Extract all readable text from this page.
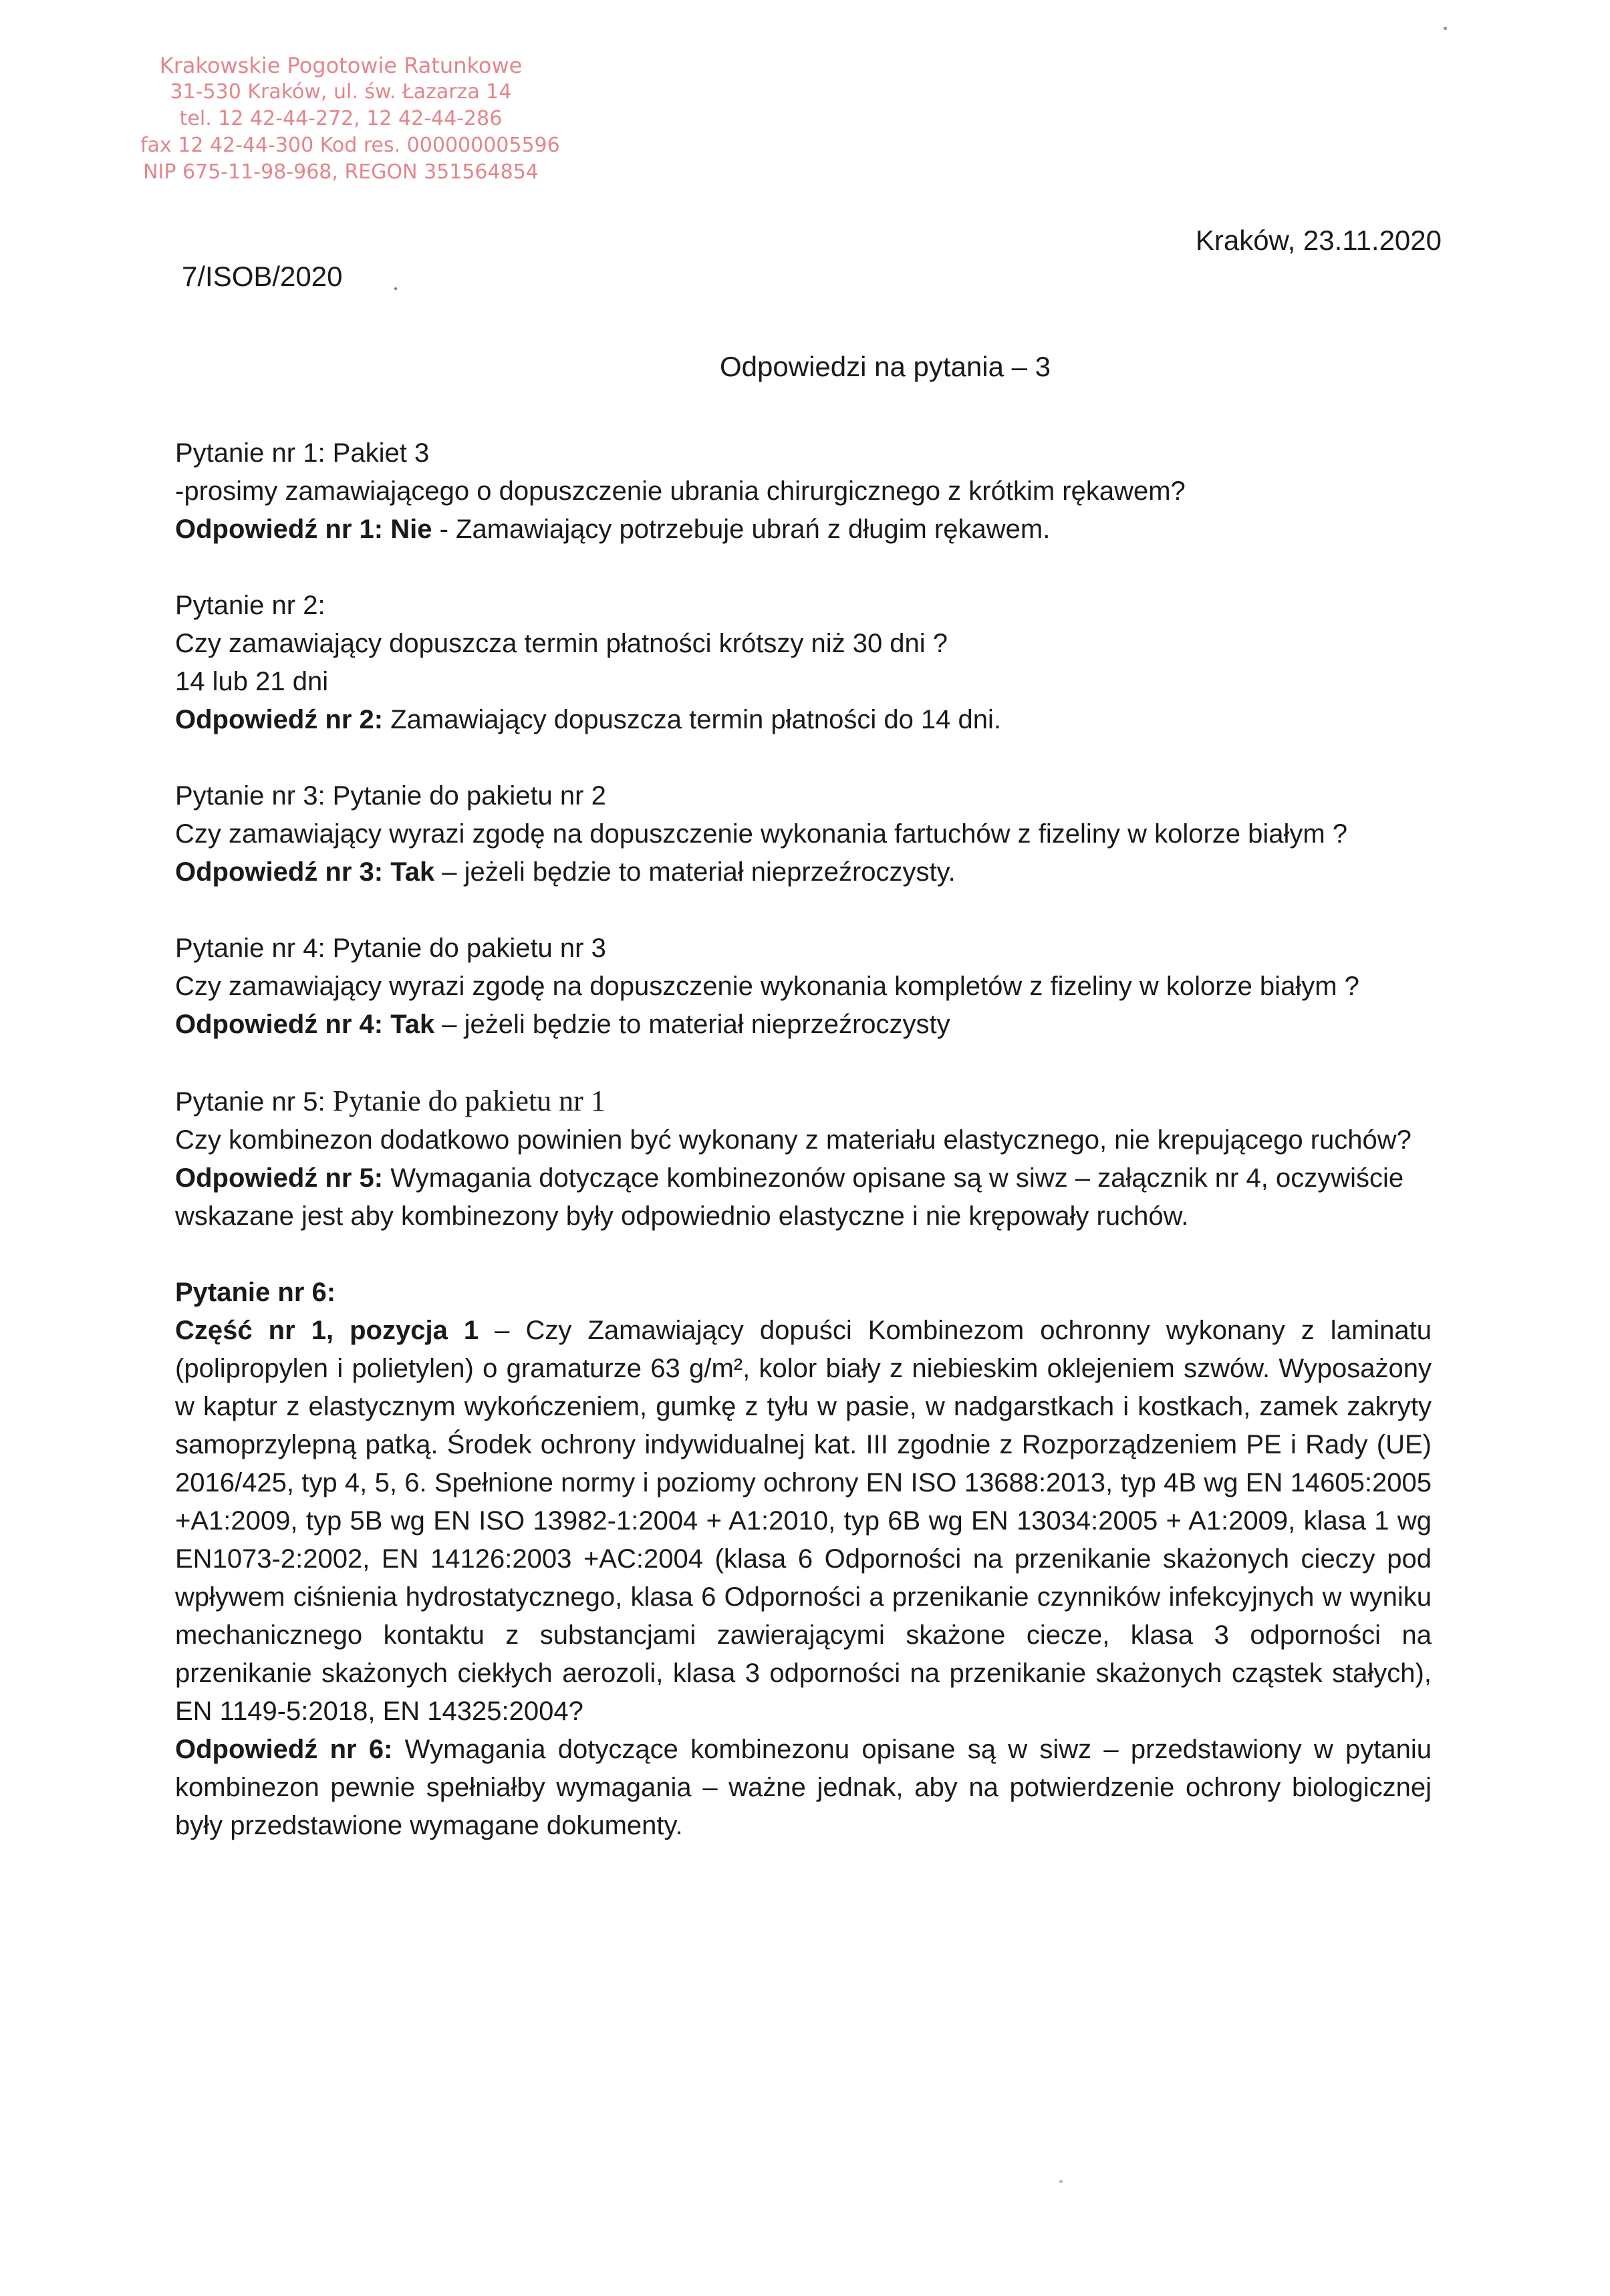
Krakowskie Pogotowie Ratunkowe
31-530 Kraków, ul. św. Łazarza 14
tel. 12 42-44-272, 12 42-44-286
fax 12 42-44-300 Kod res. 000000005596
NIP 675-11-98-968, REGON 351564854
Kraków, 23.11.2020
7/ISOB/2020
Odpowiedzi na pytania – 3

Pytanie nr 1: Pakiet 3

-prosimy zamawiającego o dopuszczenie ubrania chirurgicznego z krótkim rękawem?

Odpowiedź nr 1: Nie - Zamawiający potrzebuje ubrań z długim rękawem.

Pytanie nr 2:

Czy zamawiający dopuszcza termin płatności krótszy niż 30 dni ?

14 lub 21 dni

Odpowiedź nr 2: Zamawiający dopuszcza termin płatności do 14 dni.

Pytanie nr 3: Pytanie do pakietu nr 2

Czy zamawiający wyrazi zgodę na dopuszczenie wykonania fartuchów z fizeliny w kolorze białym ?

Odpowiedź nr 3: Tak – jeżeli będzie to materiał nieprzeźroczysty.

Pytanie nr 4: Pytanie do pakietu nr 3

Czy zamawiający wyrazi zgodę na dopuszczenie wykonania kompletów z fizeliny w kolorze białym ?

Odpowiedź nr 4: Tak – jeżeli będzie to materiał nieprzeźroczysty

Pytanie nr 5: Pytanie do pakietu nr 1

Czy kombinezon dodatkowo powinien być wykonany z materiału elastycznego, nie krepującego ruchów?

Odpowiedź nr 5: Wymagania dotyczące kombinezonów opisane są w siwz – załącznik nr 4, oczywiście wskazane jest aby kombinezony były odpowiednio elastyczne i nie krępowały ruchów.

Pytanie nr 6:

Część nr 1, pozycja 1 – Czy Zamawiający dopuści Kombinezom ochronny wykonany z laminatu (polipropylen i polietylen) o gramaturze 63 g/m², kolor biały z niebieskim oklejeniem szwów. Wyposażony w kaptur z elastycznym wykończeniem, gumkę z tyłu w pasie, w nadgarstkach i kostkach, zamek zakryty samoprzylepną patką. Środek ochrony indywidualnej kat. III zgodnie z Rozporządzeniem PE i Rady (UE) 2016/425, typ 4, 5, 6. Spełnione normy i poziomy ochrony EN ISO 13688:2013, typ 4B wg EN 14605:2005 +A1:2009, typ 5B wg EN ISO 13982-1:2004 + A1:2010, typ 6B wg EN 13034:2005 + A1:2009, klasa 1 wg EN1073-2:2002, EN 14126:2003 +AC:2004 (klasa 6 Odporności na przenikanie skażonych cieczy pod wpływem ciśnienia hydrostatycznego, klasa 6 Odporności a przenikanie czynników infekcyjnych w wyniku mechanicznego kontaktu z substancjami zawierającymi skażone ciecze, klasa 3 odporności na przenikanie skażonych ciekłych aerozoli, klasa 3 odporności na przenikanie skażonych cząstek stałych), EN 1149-5:2018, EN 14325:2004?

Odpowiedź nr 6: Wymagania dotyczące kombinezonu opisane są w siwz – przedstawiony w pytaniu kombinezon pewnie spełniałby wymagania – ważne jednak, aby na potwierdzenie ochrony biologicznej były przedstawione wymagane dokumenty.
